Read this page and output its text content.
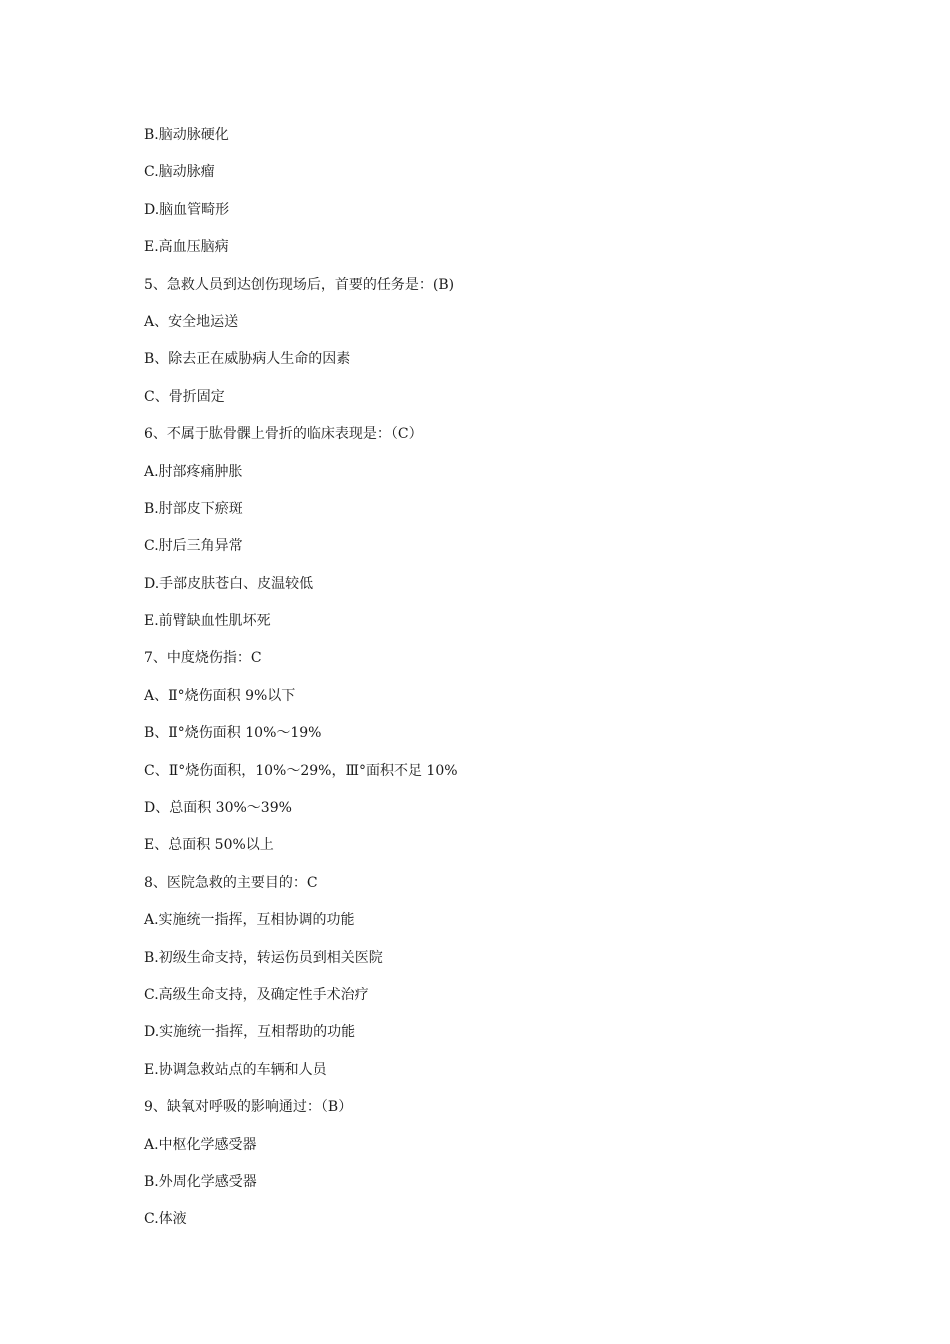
B.脑动脉硬化
C.脑动脉瘤
D.脑血管畸形
E.高血压脑病
5、急救人员到达创伤现场后，首要的任务是：(B)
A、安全地运送
B、除去正在威胁病人生命的因素
C、骨折固定
6、不属于肱骨髁上骨折的临床表现是：（C）
A.肘部疼痛肿胀
B.肘部皮下瘀斑
C.肘后三角异常
D.手部皮肤苍白、皮温较低
E.前臂缺血性肌坏死
7、中度烧伤指：C
A、Ⅱ°烧伤面积 9%以下
B、Ⅱ°烧伤面积 10%～19%
C、Ⅱ°烧伤面积，10%～29%，Ⅲ°面积不足 10%
D、总面积 30%～39%
E、总面积 50%以上
8、医院急救的主要目的：C
A.实施统一指挥，互相协调的功能
B.初级生命支持，转运伤员到相关医院
C.高级生命支持，及确定性手术治疗
D.实施统一指挥，互相帮助的功能
E.协调急救站点的车辆和人员
9、缺氧对呼吸的影响通过：（B）
A.中枢化学感受器
B.外周化学感受器
C.体液
